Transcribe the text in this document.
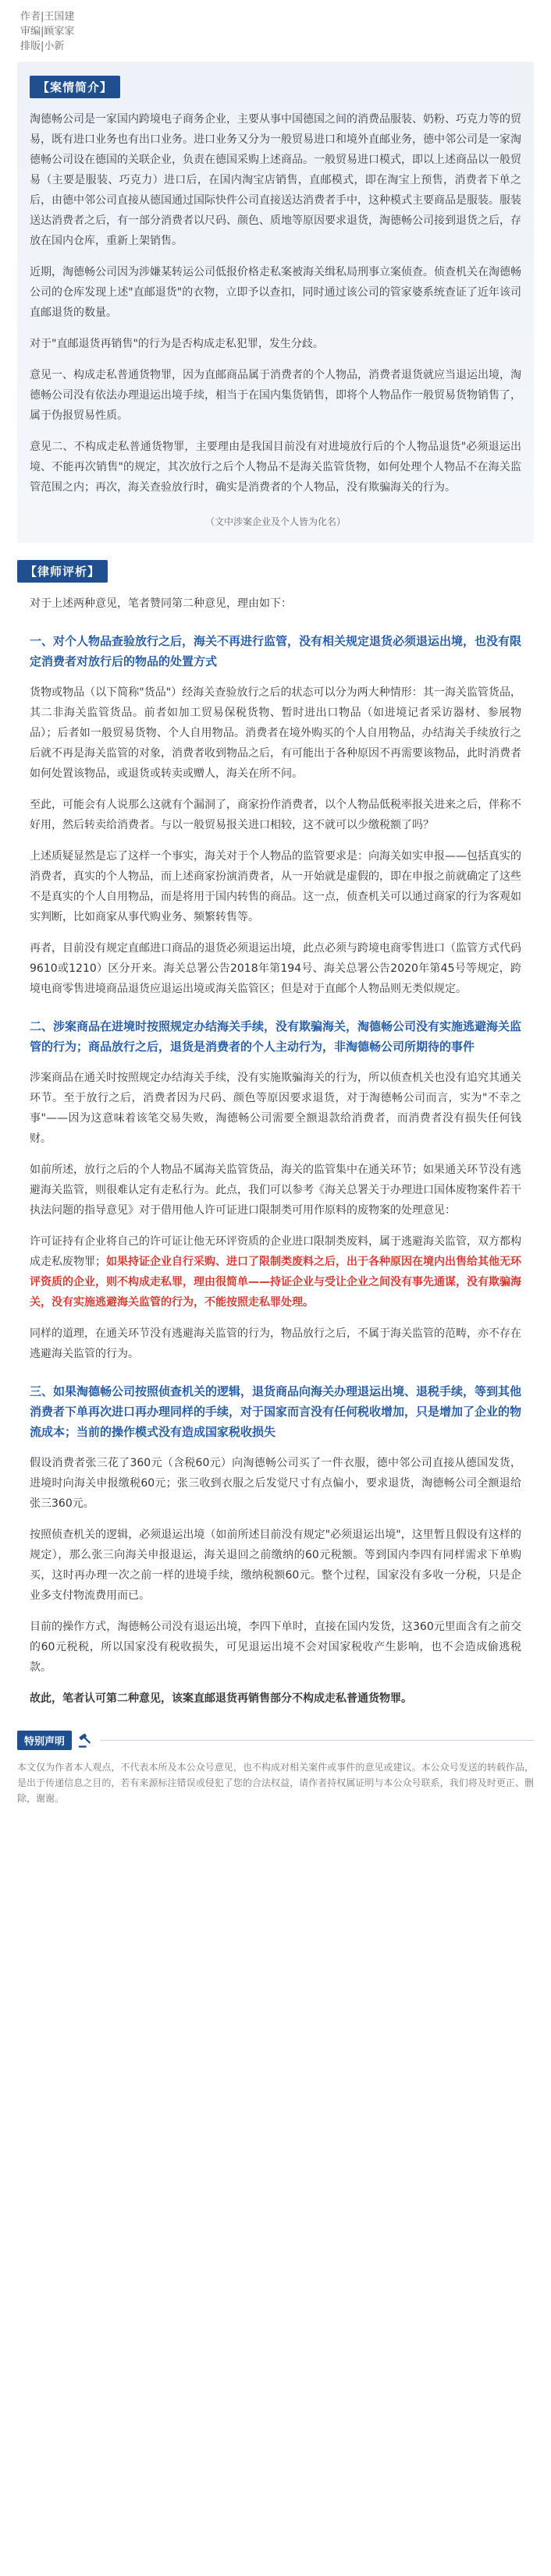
作者|王国建
审编|顾家家
排版|小新
【案情简介】

淘德畅公司是一家国内跨境电子商务企业，主要从事中国德国之间的消费品服装、奶粉、巧克力等的贸易，既有进口业务也有出口业务。进口业务又分为一般贸易进口和境外直邮业务，德中邻公司是一家淘德畅公司设在德国的关联企业，负责在德国采购上述商品。一般贸易进口模式，即以上述商品以一般贸易（主要是服装、巧克力）进口后，在国内淘宝店销售，直邮模式，即在淘宝上预售，消费者下单之后，由德中邻公司直接从德国通过国际快件公司直接送达消费者手中，这种模式主要商品是服装。服装送达消费者之后，有一部分消费者以尺码、颜色、质地等原因要求退货，淘德畅公司接到退货之后，存放在国内仓库，重新上架销售。

近期，淘德畅公司因为涉嫌某转运公司低报价格走私案被海关缉私局刑事立案侦查。侦查机关在淘德畅公司的仓库发现上述"直邮退货"的衣物，立即予以查扣，同时通过该公司的管家婆系统查证了近年该司直邮退货的数量。

对于"直邮退货再销售"的行为是否构成走私犯罪，发生分歧。

意见一、构成走私普通货物罪，因为直邮商品属于消费者的个人物品，消费者退货就应当退运出境，淘德畅公司没有依法办理退运出境手续，相当于在国内集货销售，即将个人物品作一般贸易货物销售了，属于伪报贸易性质。

意见二、不构成走私普通货物罪，主要理由是我国目前没有对进境放行后的个人物品退货"必须退运出境、不能再次销售"的规定，其次放行之后个人物品不是海关监管货物，如何处理个人物品不在海关监管范围之内；再次，海关查验放行时，确实是消费者的个人物品，没有欺骗海关的行为。

（文中涉案企业及个人皆为化名）
【律师评析】

对于上述两种意见，笔者赞同第二种意见，理由如下：

一、对个人物品查验放行之后，海关不再进行监管，没有相关规定退货必须退运出境，也没有限定消费者对放行后的物品的处置方式

货物或物品（以下简称"货品"）经海关查验放行之后的状态可以分为两大种情形：其一海关监管货品，其二非海关监管货品。前者如加工贸易保税货物、暂时进出口物品（如进境记者采访器材、参展物品）；后者如一般贸易货物、个人自用物品。消费者在境外购买的个人自用物品，办结海关手续放行之后就不再是海关监管的对象，消费者收到物品之后，有可能出于各种原因不再需要该物品，此时消费者如何处置该物品，或退货或转卖或赠人，海关在所不问。

至此，可能会有人说那么这就有个漏洞了，商家扮作消费者，以个人物品低税率报关进来之后，伴称不好用，然后转卖给消费者。与以一般贸易报关进口相较，这不就可以少缴税额了吗？

上述质疑显然是忘了这样一个事实，海关对于个人物品的监管要求是：向海关如实申报——包括真实的消费者，真实的个人物品，而上述商家扮演消费者，从一开始就是虚假的，即在申报之前就确定了这些不是真实的个人自用物品，而是将用于国内转售的商品。这一点，侦查机关可以通过商家的行为客观如实判断，比如商家从事代购业务、频繁转售等。

再者，目前没有规定直邮进口商品的退货必须退运出境，此点必须与跨境电商零售进口（监管方式代码9610或1210）区分开来。海关总署公告2018年第194号、海关总署公告2020年第45号等规定，跨境电商零售进境商品退货应退运出境或海关监管区；但是对于直邮个人物品则无类似规定。

二、涉案商品在进境时按照规定办结海关手续，没有欺骗海关，淘德畅公司没有实施逃避海关监管的行为；商品放行之后，退货是消费者的个人主动行为，非淘德畅公司所期待的事件

涉案商品在通关时按照规定办结海关手续，没有实施欺骗海关的行为，所以侦查机关也没有追究其通关环节。至于放行之后，消费者因为尺码、颜色等原因要求退货，对于淘德畅公司而言，实为"不幸之事"——因为这意味着该笔交易失败，淘德畅公司需要全额退款给消费者，而消费者没有损失任何钱财。

如前所述，放行之后的个人物品不属海关监管货品，海关的监管集中在通关环节；如果通关环节没有逃避海关监管，则很难认定有走私行为。此点，我们可以参考《海关总署关于办理进口国体废物案件若干执法问题的指导意见》对于借用他人许可证进口限制类可用作原料的废物案的处理意见：

许可证持有企业将自己的许可证让他无环评资质的企业进口限制类废料，属于逃避海关监管，双方都构成走私废物罪；如果持证企业自行采购、进口了限制类废料之后，出于各种原因在境内出售给其他无环评资质的企业，则不构成走私罪，理由很简单——持证企业与受让企业之间没有事先通谋，没有欺骗海关，没有实施逃避海关监管的行为，不能按照走私罪处理。

同样的道理，在通关环节没有逃避海关监管的行为，物品放行之后，不属于海关监管的范畴，亦不存在逃避海关监管的行为。

三、如果淘德畅公司按照侦查机关的逻辑，退货商品向海关办理退运出境、退税手续，等到其他消费者下单再次进口再办理同样的手续，对于国家而言没有任何税收增加，只是增加了企业的物流成本；当前的操作模式没有造成国家税收损失

假设消费者张三花了360元（含税60元）向淘德畅公司买了一件衣服，德中邻公司直接从德国发货，进境时向海关申报缴税60元；张三收到衣服之后发觉尺寸有点偏小，要求退货，淘德畅公司全额退给张三360元。

按照侦查机关的逻辑，必须退运出境（如前所述目前没有规定"必须退运出境"，这里暂且假设有这样的规定），那么张三向海关申报退运，海关退回之前缴纳的60元税额。等到国内李四有同样需求下单购买，这时再办理一次之前一样的进境手续，缴纳税额60元。整个过程，国家没有多收一分税，只是企业多支付物流费用而已。

目前的操作方式，淘德畅公司没有退运出境，李四下单时，直接在国内发货，这360元里面含有之前交的60元税税，所以国家没有税收损失，可见退运出境不会对国家税收产生影响，也不会造成偷逃税款。

故此，笔者认可第二种意见，该案直邮退货再销售部分不构成走私普通货物罪。

特别声明
本文仅为作者本人观点，不代表本所及本公众号意见，也不构成对相关案件或事件的意见或建议。本公众号发送的转载作品，是出于传递信息之目的，若有来源标注错误或侵犯了您的合法权益，请作者持权属证明与本公众号联系，我们将及时更正、删除，谢谢。
